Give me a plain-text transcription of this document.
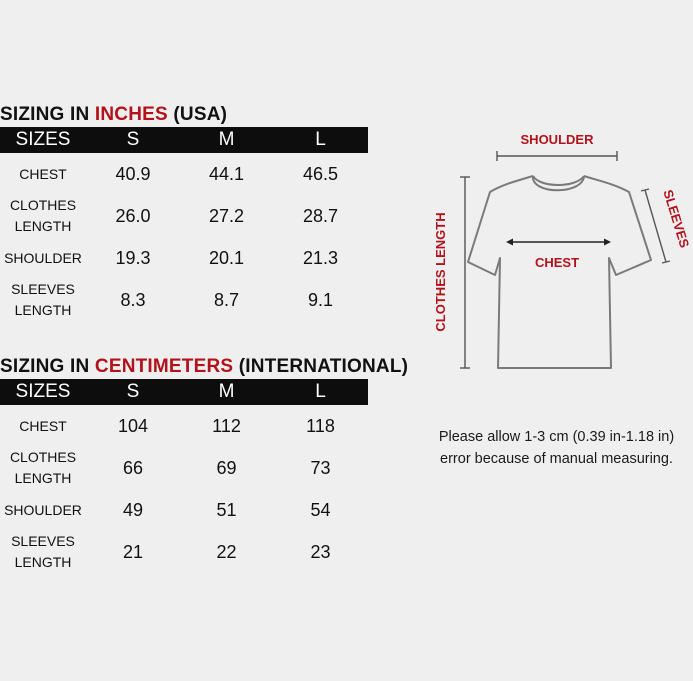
SIZING IN INCHES (USA)
SIZES	S	M	L
CHEST	40.9	44.1	46.5
CLOTHES LENGTH	26.0	27.2	28.7
SHOULDER	19.3	20.1	21.3
SLEEVES LENGTH	8.3	8.7	9.1
SIZING IN CENTIMETERS (INTERNATIONAL)
SIZES	S	M	L
CHEST	104	112	118
CLOTHES LENGTH	66	69	73
SHOULDER	49	51	54
SLEEVES LENGTH	21	22	23
SHOULDER
CLOTHES LENGTH	CHEST
SLEEVES
Please allow 1-3 cm (0.39 in-1.18 in)
error because of manual measuring.
